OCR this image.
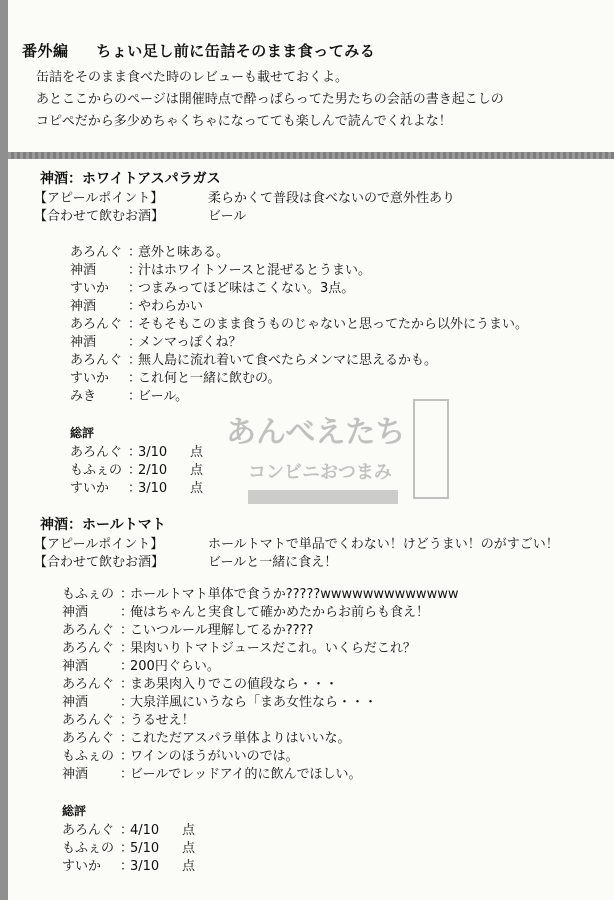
番外編 ちょい足し前に缶詰そのまま食ってみる

缶詰をそのまま食べた時のレビューも載せておくよ。

あとここからのページは開催時点で酔っぱらってた男たちの会話の書き起こしの

コピペだから多少めちゃくちゃになってても楽しんで読んでくれよな！

神酒：ホワイトアスパラガス
【アピールポイント】	柔らかくて普段は食べないので意外性あり
【合わせて飲むお酒】	ビール
あろんぐ ：
意外と味ある。
神酒	：
汁はホワイトソースと混ぜるとうまい。
すいか	：
つまみってほど味はこくない。3点。
神酒	：
やわらかい
あろんぐ ：
そもそもこのまま食うものじゃないと思ってたから以外にうまい。
神酒	：
メンマっぽくね？
あろんぐ ：
無人島に流れ着いて食べたらメンマに思えるかも。
すいか	：
これ何と一緒に飲むの。
みき	：
ビール。
総評
あろんぐ ：
3/10	点
もふぇの ：
2/10	点
すいか	：
3/10	点
神酒：ホールトマト
【アピールポイント】	ホールトマトで単品でくわない！けどうまい！のがすごい！
【合わせて飲むお酒】	ビールと一緒に食え！
もふぇの ：
ホールトマト単体で食うか?????wwwwwwwwwwwww
神酒	：
俺はちゃんと実食して確かめたからお前らも食え！
あろんぐ ：
こいつルール理解してるか????
あろんぐ ：
果肉いりトマトジュースだこれ。いくらだこれ？
神酒	：
200円ぐらい。
あろんぐ ：
まあ果肉入りでこの値段なら・・・
神酒	：
大泉洋風にいうなら「まあ女性なら・・・
あろんぐ ：
うるせえ！
あろんぐ ：
これただアスパラ単体よりはいいな。
もふぇの ：
ワインのほうがいいのでは。
神酒	：
ビールでレッドアイ的に飲んでほしい。
総評
あろんぐ ：
4/10	点
もふぇの ：
5/10	点
すいか	：
3/10	点
あんべえたち
コンビニおつまみ
